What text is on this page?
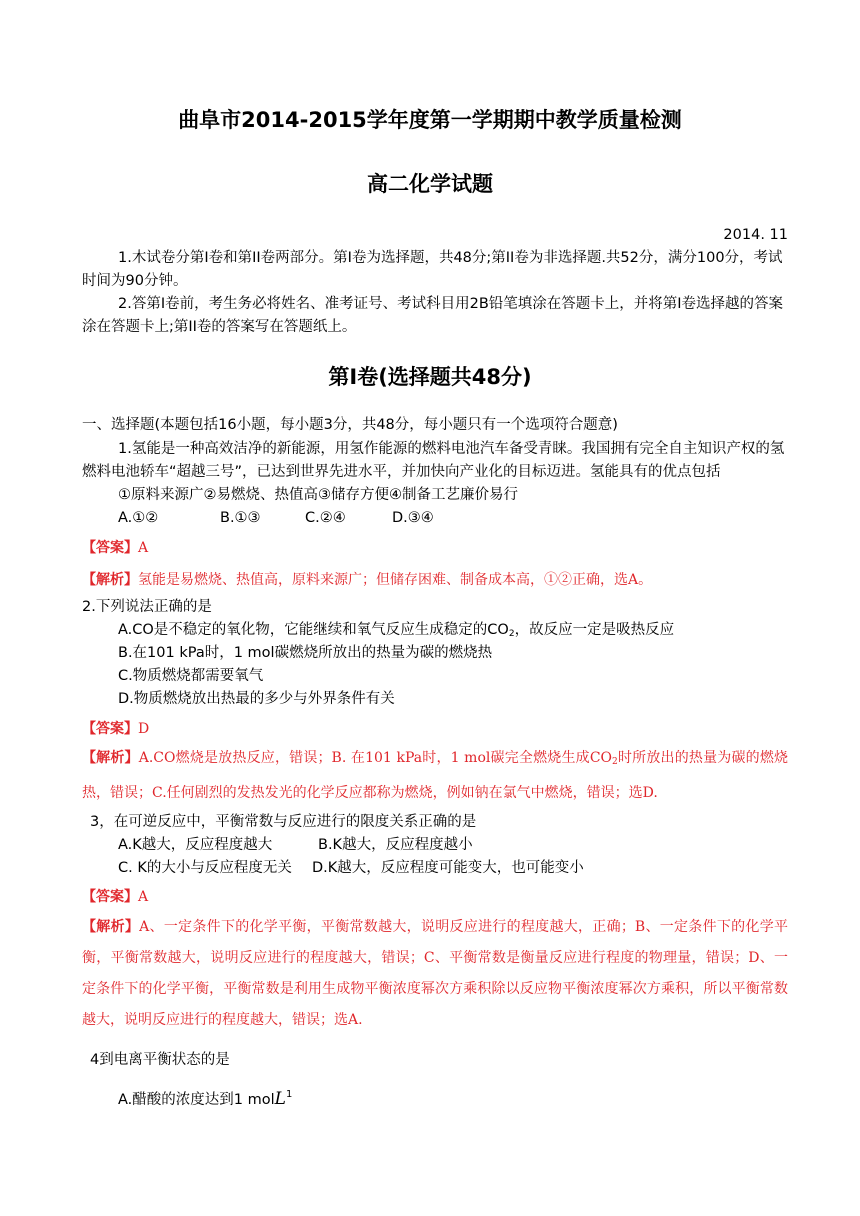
曲阜市2014-2015学年度第一学期期中教学质量检测
高二化学试题
2014. 11
1.木试卷分第I卷和第II卷两部分。第I卷为选择题，共48分;第II卷为非选择题.共52分，满分100分，考试时间为90分钟。
2.答第I卷前，考生务必将姓名、准考证号、考试科目用2B铅笔填涂在答题卡上，并将第I卷选择越的答案涂在答题卡上;第II卷的答案写在答题纸上。
第I卷(选择题共48分)
一、选择题(本题包括16小题，每小题3分，共48分，每小题只有一个选项符合题意)
1.氢能是一种高效洁净的新能源，用氢作能源的燃料电池汽车备受青睐。我国拥有完全自主知识产权的氢燃料电池轿车“超越三号”，已达到世界先进水平，并加快向产业化的目标迈进。氢能具有的优点包括
①原料来源广②易燃烧、热值高③储存方便④制备工艺廉价易行
A.①②	B.①③	C.②④	D.③④
【答案】A
【解析】氢能是易燃烧、热值高，原料来源广；但储存困难、制备成本高，①②正确，选A。
2.下列说法正确的是
A.CO是不稳定的氧化物，它能继续和氧气反应生成稳定的$CO_2$，故反应一定是吸热反应
B.在101 kPa时，1 mol碳燃烧所放出的热量为碳的燃烧热
C.物质燃烧都需要氧气
D.物质燃烧放出热最的多少与外界条件有关
【答案】D
【解析】A.CO燃烧是放热反应，错误；B. 在101 kPa时，1 mol碳完全燃烧生成$CO_2$时所放出的热量为碳的燃烧热，错误；C.任何剧烈的发热发光的化学反应都称为燃烧，例如钠在氯气中燃烧，错误；选D.
3，在可逆反应中，平衡常数与反应进行的限度关系正确的是
A.K越大，反应程度越大	B.K越大，反应程度越小
C. K的大小与反应程度无关 D.K越大，反应程度可能变大，也可能变小
【答案】A
【解析】A、一定条件下的化学平衡，平衡常数越大，说明反应进行的程度越大，正确；B、一定条件下的化学平衡，平衡常数越大，说明反应进行的程度越大，错误；C、平衡常数是衡量反应进行程度的物理量，错误；D、一定条件下的化学平衡，平衡常数是利用生成物平衡浓度幂次方乘积除以反应物平衡浓度幂次方乘积，所以平衡常数越大，说明反应进行的程度越大，错误；选A.
4到电离平衡状态的是
A.醋酸的浓度达到1 molL$^1$
